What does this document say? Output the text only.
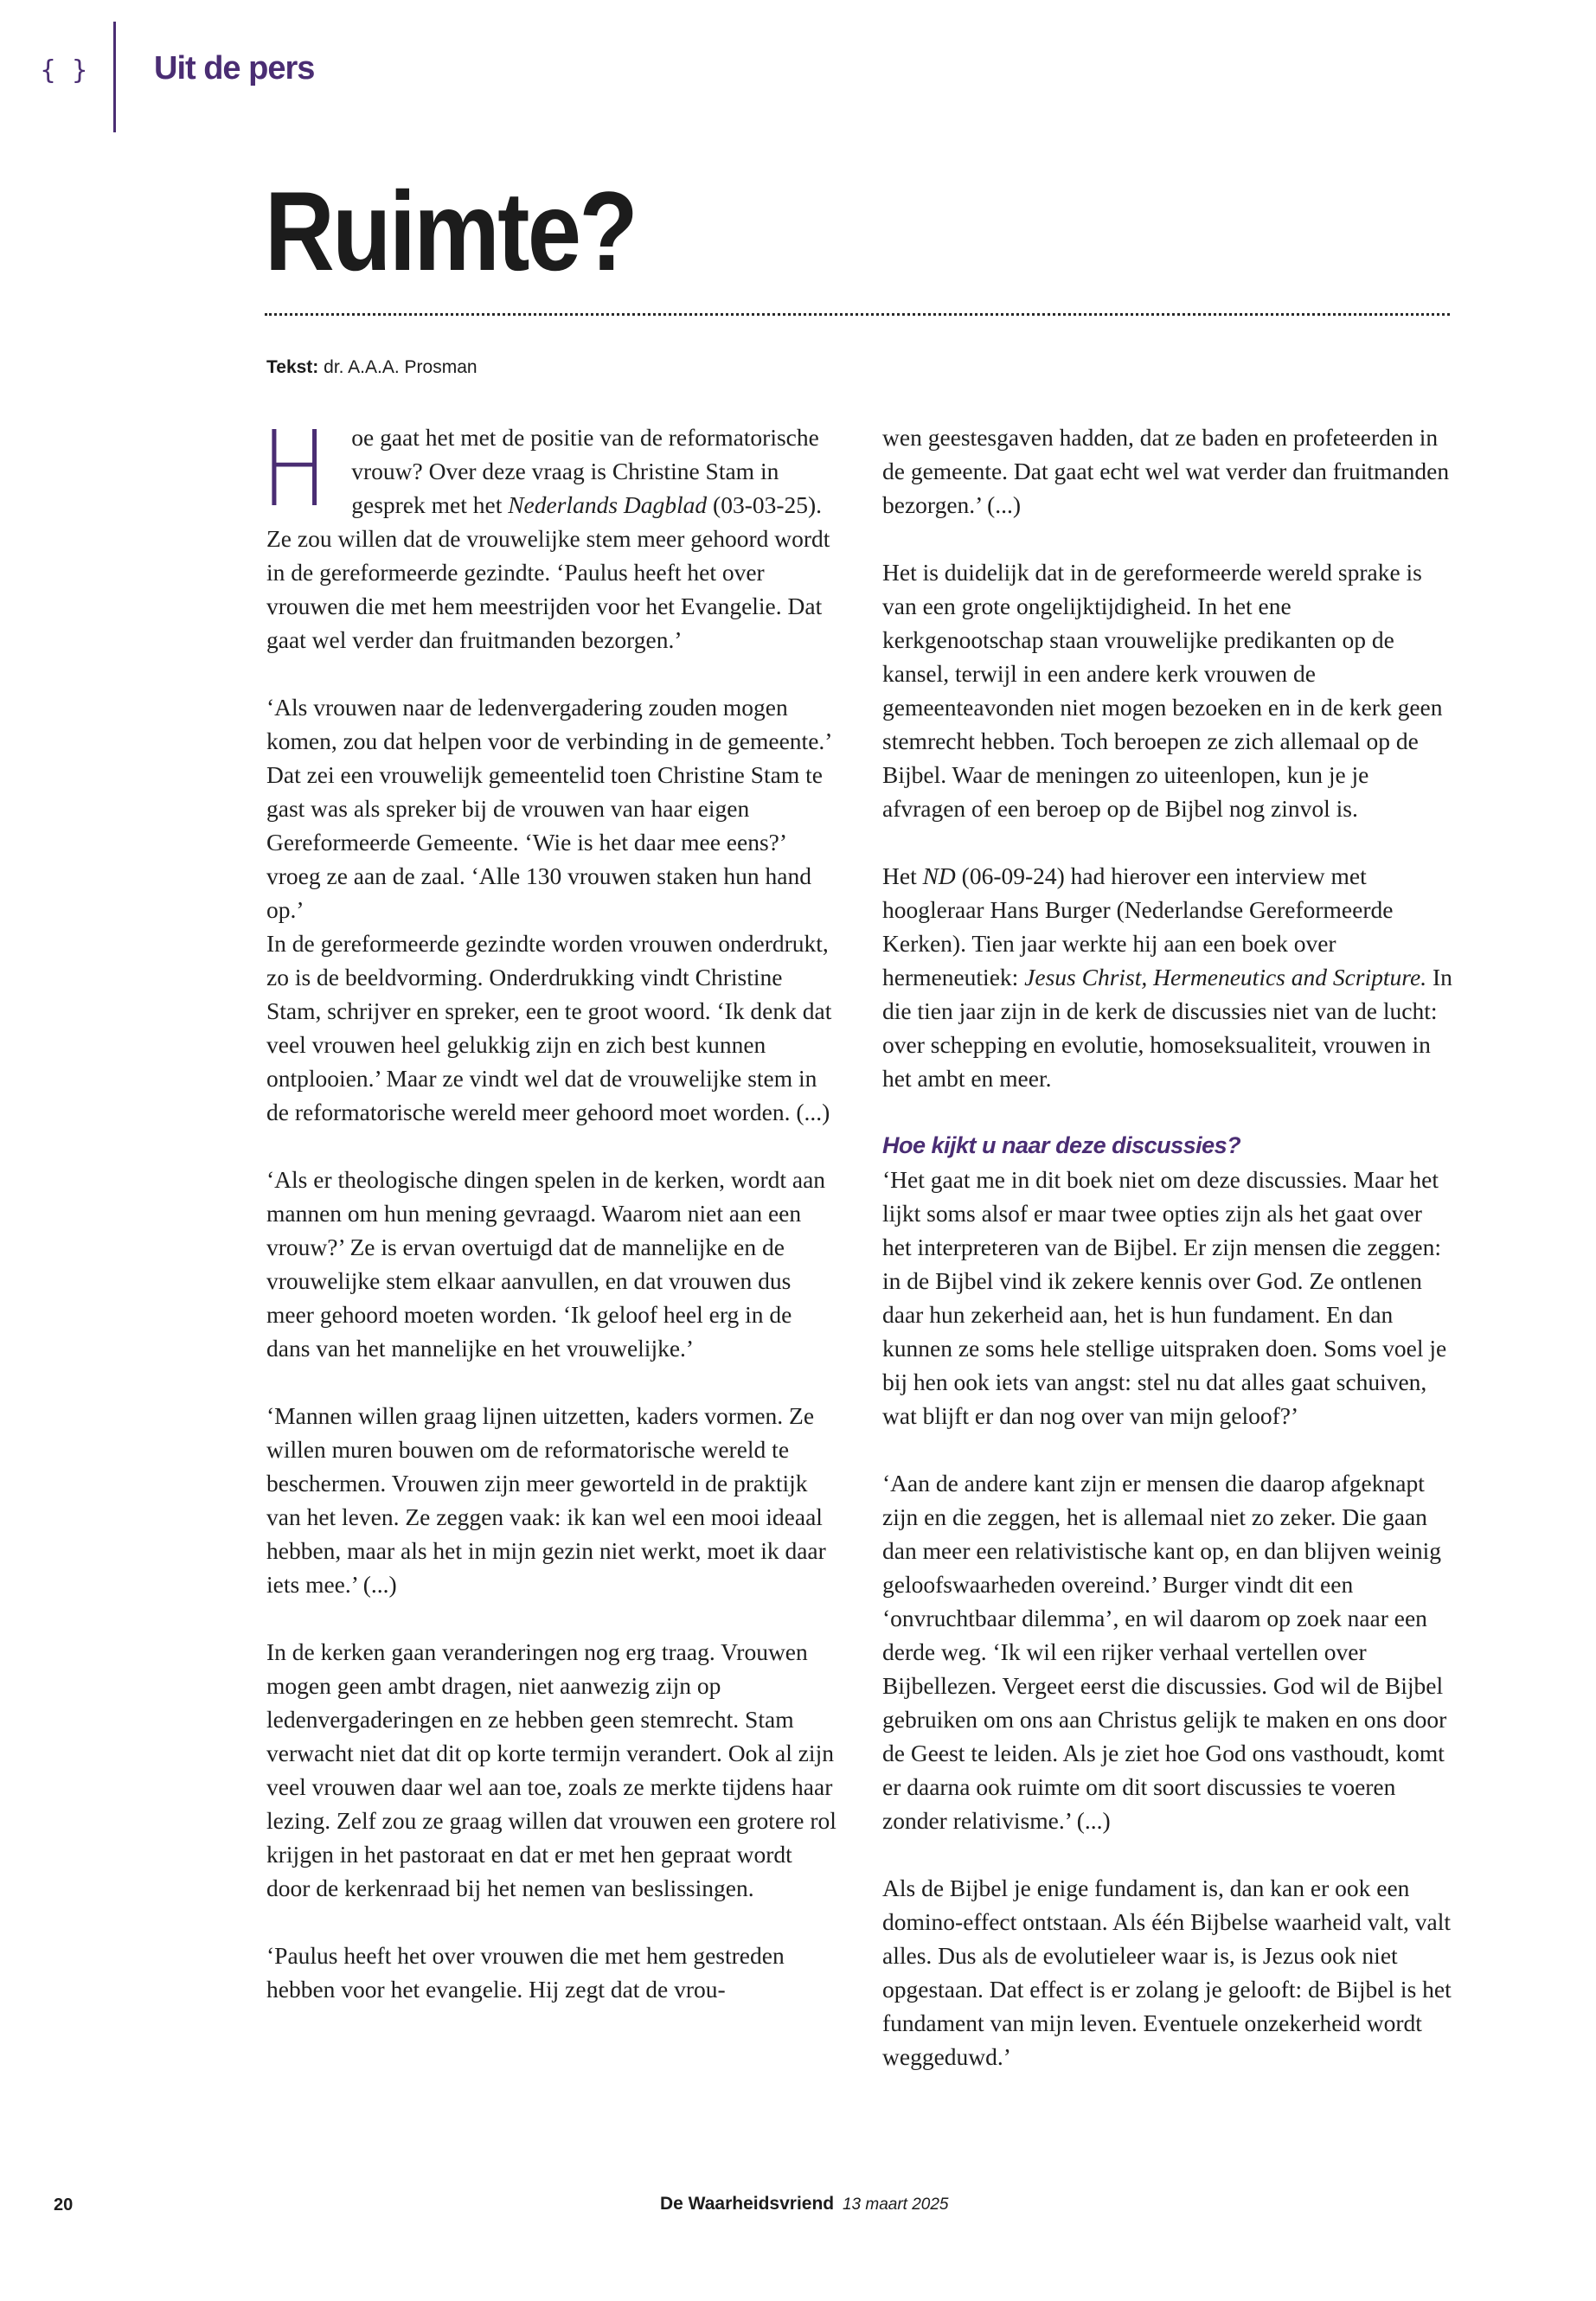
{ } Uit de pers
Ruimte?
Tekst: dr. A.A.A. Prosman

H oe gaat het met de positie van de reformatorische vrouw? Over deze vraag is Christine Stam in gesprek met het Nederlands Dagblad (03-03-25). Ze zou willen dat de vrouwelijke stem meer gehoord wordt in de gereformeerde gezindte. ‘Paulus heeft het over vrouwen die met hem meestrijden voor het Evangelie. Dat gaat wel verder dan fruitmanden bezorgen.’

‘Als vrouwen naar de ledenvergadering zouden mogen komen, zou dat helpen voor de verbinding in de gemeente.’ Dat zei een vrouwelijk gemeentelid toen Christine Stam te gast was als spreker bij de vrouwen van haar eigen Gereformeerde Gemeente. ‘Wie is het daar mee eens?’ vroeg ze aan de zaal. ‘Alle 130 vrouwen staken hun hand op.’

In de gereformeerde gezindte worden vrouwen onderdrukt, zo is de beeldvorming. Onderdrukking vindt Christine Stam, schrijver en spreker, een te groot woord. ‘Ik denk dat veel vrouwen heel gelukkig zijn en zich best kunnen ontplooien.’ Maar ze vindt wel dat de vrouwelijke stem in de reformatorische wereld meer gehoord moet worden. (...)

‘Als er theologische dingen spelen in de kerken, wordt aan mannen om hun mening gevraagd. Waarom niet aan een vrouw?’ Ze is ervan overtuigd dat de mannelijke en de vrouwelijke stem elkaar aanvullen, en dat vrouwen dus meer gehoord moeten worden. ‘Ik geloof heel erg in de dans van het mannelijke en het vrouwelijke.’

‘Mannen willen graag lijnen uitzetten, kaders vormen. Ze willen muren bouwen om de reformatorische wereld te beschermen. Vrouwen zijn meer geworteld in de praktijk van het leven. Ze zeggen vaak: ik kan wel een mooi ideaal hebben, maar als het in mijn gezin niet werkt, moet ik daar iets mee.’ (...)

In de kerken gaan veranderingen nog erg traag. Vrouwen mogen geen ambt dragen, niet aanwezig zijn op ledenvergaderingen en ze hebben geen stemrecht. Stam verwacht niet dat dit op korte termijn verandert. Ook al zijn veel vrouwen daar wel aan toe, zoals ze merkte tijdens haar lezing. Zelf zou ze graag willen dat vrouwen een grotere rol krijgen in het pastoraat en dat er met hen gepraat wordt door de kerkenraad bij het nemen van beslissingen.

‘Paulus heeft het over vrouwen die met hem gestreden hebben voor het evangelie. Hij zegt dat de vrou-

wen geestesgaven hadden, dat ze baden en profeteerden in de gemeente. Dat gaat echt wel wat verder dan fruitmanden bezorgen.’ (...)

Het is duidelijk dat in de gereformeerde wereld sprake is van een grote ongelijktijdigheid. In het ene kerkgenootschap staan vrouwelijke predikanten op de kansel, terwijl in een andere kerk vrouwen de gemeenteavonden niet mogen bezoeken en in de kerk geen stemrecht hebben. Toch beroepen ze zich allemaal op de Bijbel. Waar de meningen zo uiteenlopen, kun je je afvragen of een beroep op de Bijbel nog zinvol is.

Het ND (06-09-24) had hierover een interview met hoogleraar Hans Burger (Nederlandse Gereformeerde Kerken). Tien jaar werkte hij aan een boek over hermeneutiek: Jesus Christ, Hermeneutics and Scripture. In die tien jaar zijn in de kerk de discussies niet van de lucht: over schepping en evolutie, homoseksualiteit, vrouwen in het ambt en meer.

Hoe kijkt u naar deze discussies?

‘Het gaat me in dit boek niet om deze discussies. Maar het lijkt soms alsof er maar twee opties zijn als het gaat over het interpreteren van de Bijbel. Er zijn mensen die zeggen: in de Bijbel vind ik zekere kennis over God. Ze ontlenen daar hun zekerheid aan, het is hun fundament. En dan kunnen ze soms hele stellige uitspraken doen. Soms voel je bij hen ook iets van angst: stel nu dat alles gaat schuiven, wat blijft er dan nog over van mijn geloof?’

‘Aan de andere kant zijn er mensen die daarop afgeknapt zijn en die zeggen, het is allemaal niet zo zeker. Die gaan dan meer een relativistische kant op, en dan blijven weinig geloofswaarheden overeind.’ Burger vindt dit een ‘onvruchtbaar dilemma’, en wil daarom op zoek naar een derde weg. ‘Ik wil een rijker verhaal vertellen over Bijbellezen. Vergeet eerst die discussies. God wil de Bijbel gebruiken om ons aan Christus gelijk te maken en ons door de Geest te leiden. Als je ziet hoe God ons vasthoudt, komt er daarna ook ruimte om dit soort discussies te voeren zonder relativisme.’ (...)

Als de Bijbel je enige fundament is, dan kan er ook een domino-effect ontstaan. Als één Bijbelse waarheid valt, valt alles. Dus als de evolutieleer waar is, is Jezus ook niet opgestaan. Dat effect is er zolang je gelooft: de Bijbel is het fundament van mijn leven. Eventuele onzekerheid wordt weggeduwd.’

20	De Waarheidsvriend 13 maart 2025
